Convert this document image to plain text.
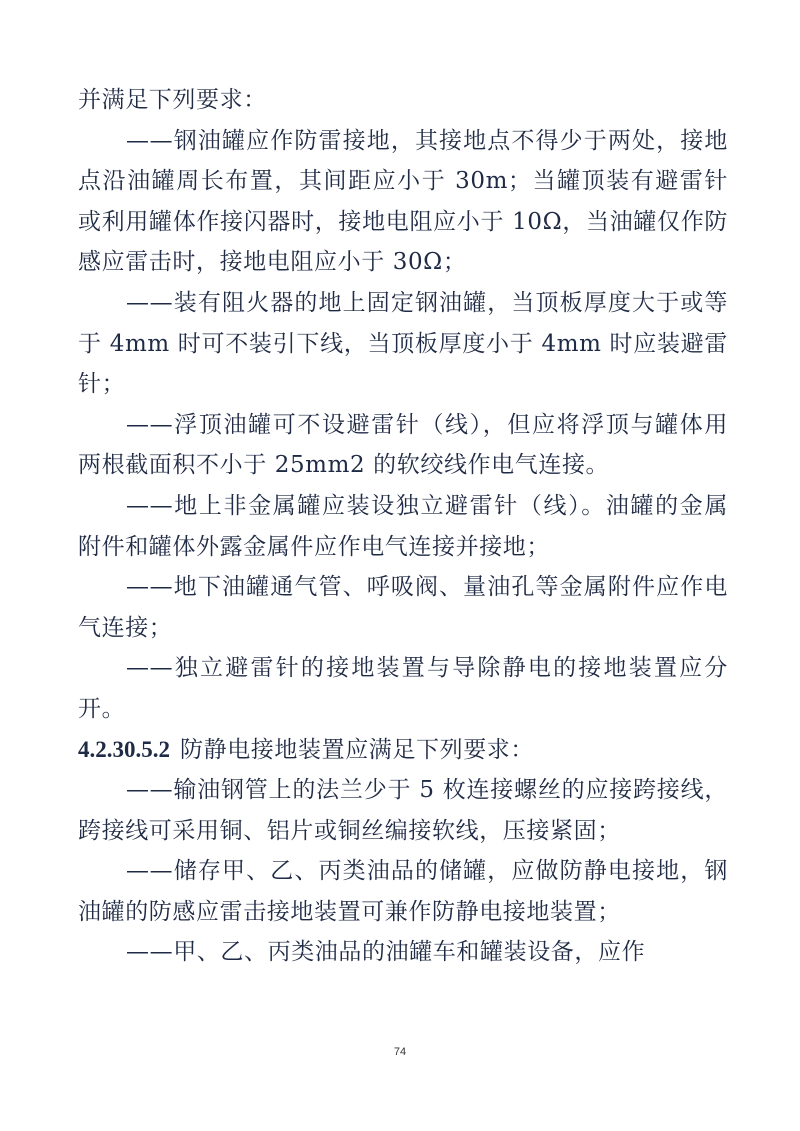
并满足下列要求：

——钢油罐应作防雷接地，其接地点不得少于两处，接地点沿油罐周长布置，其间距应小于 30m；当罐顶装有避雷针或利用罐体作接闪器时，接地电阻应小于 10Ω，当油罐仅作防感应雷击时，接地电阻应小于 30Ω；

——装有阻火器的地上固定钢油罐，当顶板厚度大于或等于 4mm 时可不装引下线，当顶板厚度小于 4mm 时应装避雷针；

——浮顶油罐可不设避雷针（线），但应将浮顶与罐体用两根截面积不小于 25mm2 的软绞线作电气连接。

——地上非金属罐应装设独立避雷针（线）。油罐的金属附件和罐体外露金属件应作电气连接并接地；

——地下油罐通气管、呼吸阀、量油孔等金属附件应作电气连接；

——独立避雷针的接地装置与导除静电的接地装置应分开。

4.2.30.5.2 防静电接地装置应满足下列要求：

——输油钢管上的法兰少于 5 枚连接螺丝的应接跨接线，跨接线可采用铜、铝片或铜丝编接软线，压接紧固；

——储存甲、乙、丙类油品的储罐，应做防静电接地，钢油罐的防感应雷击接地装置可兼作防静电接地装置；

——甲、乙、丙类油品的油罐车和罐装设备，应作

74
